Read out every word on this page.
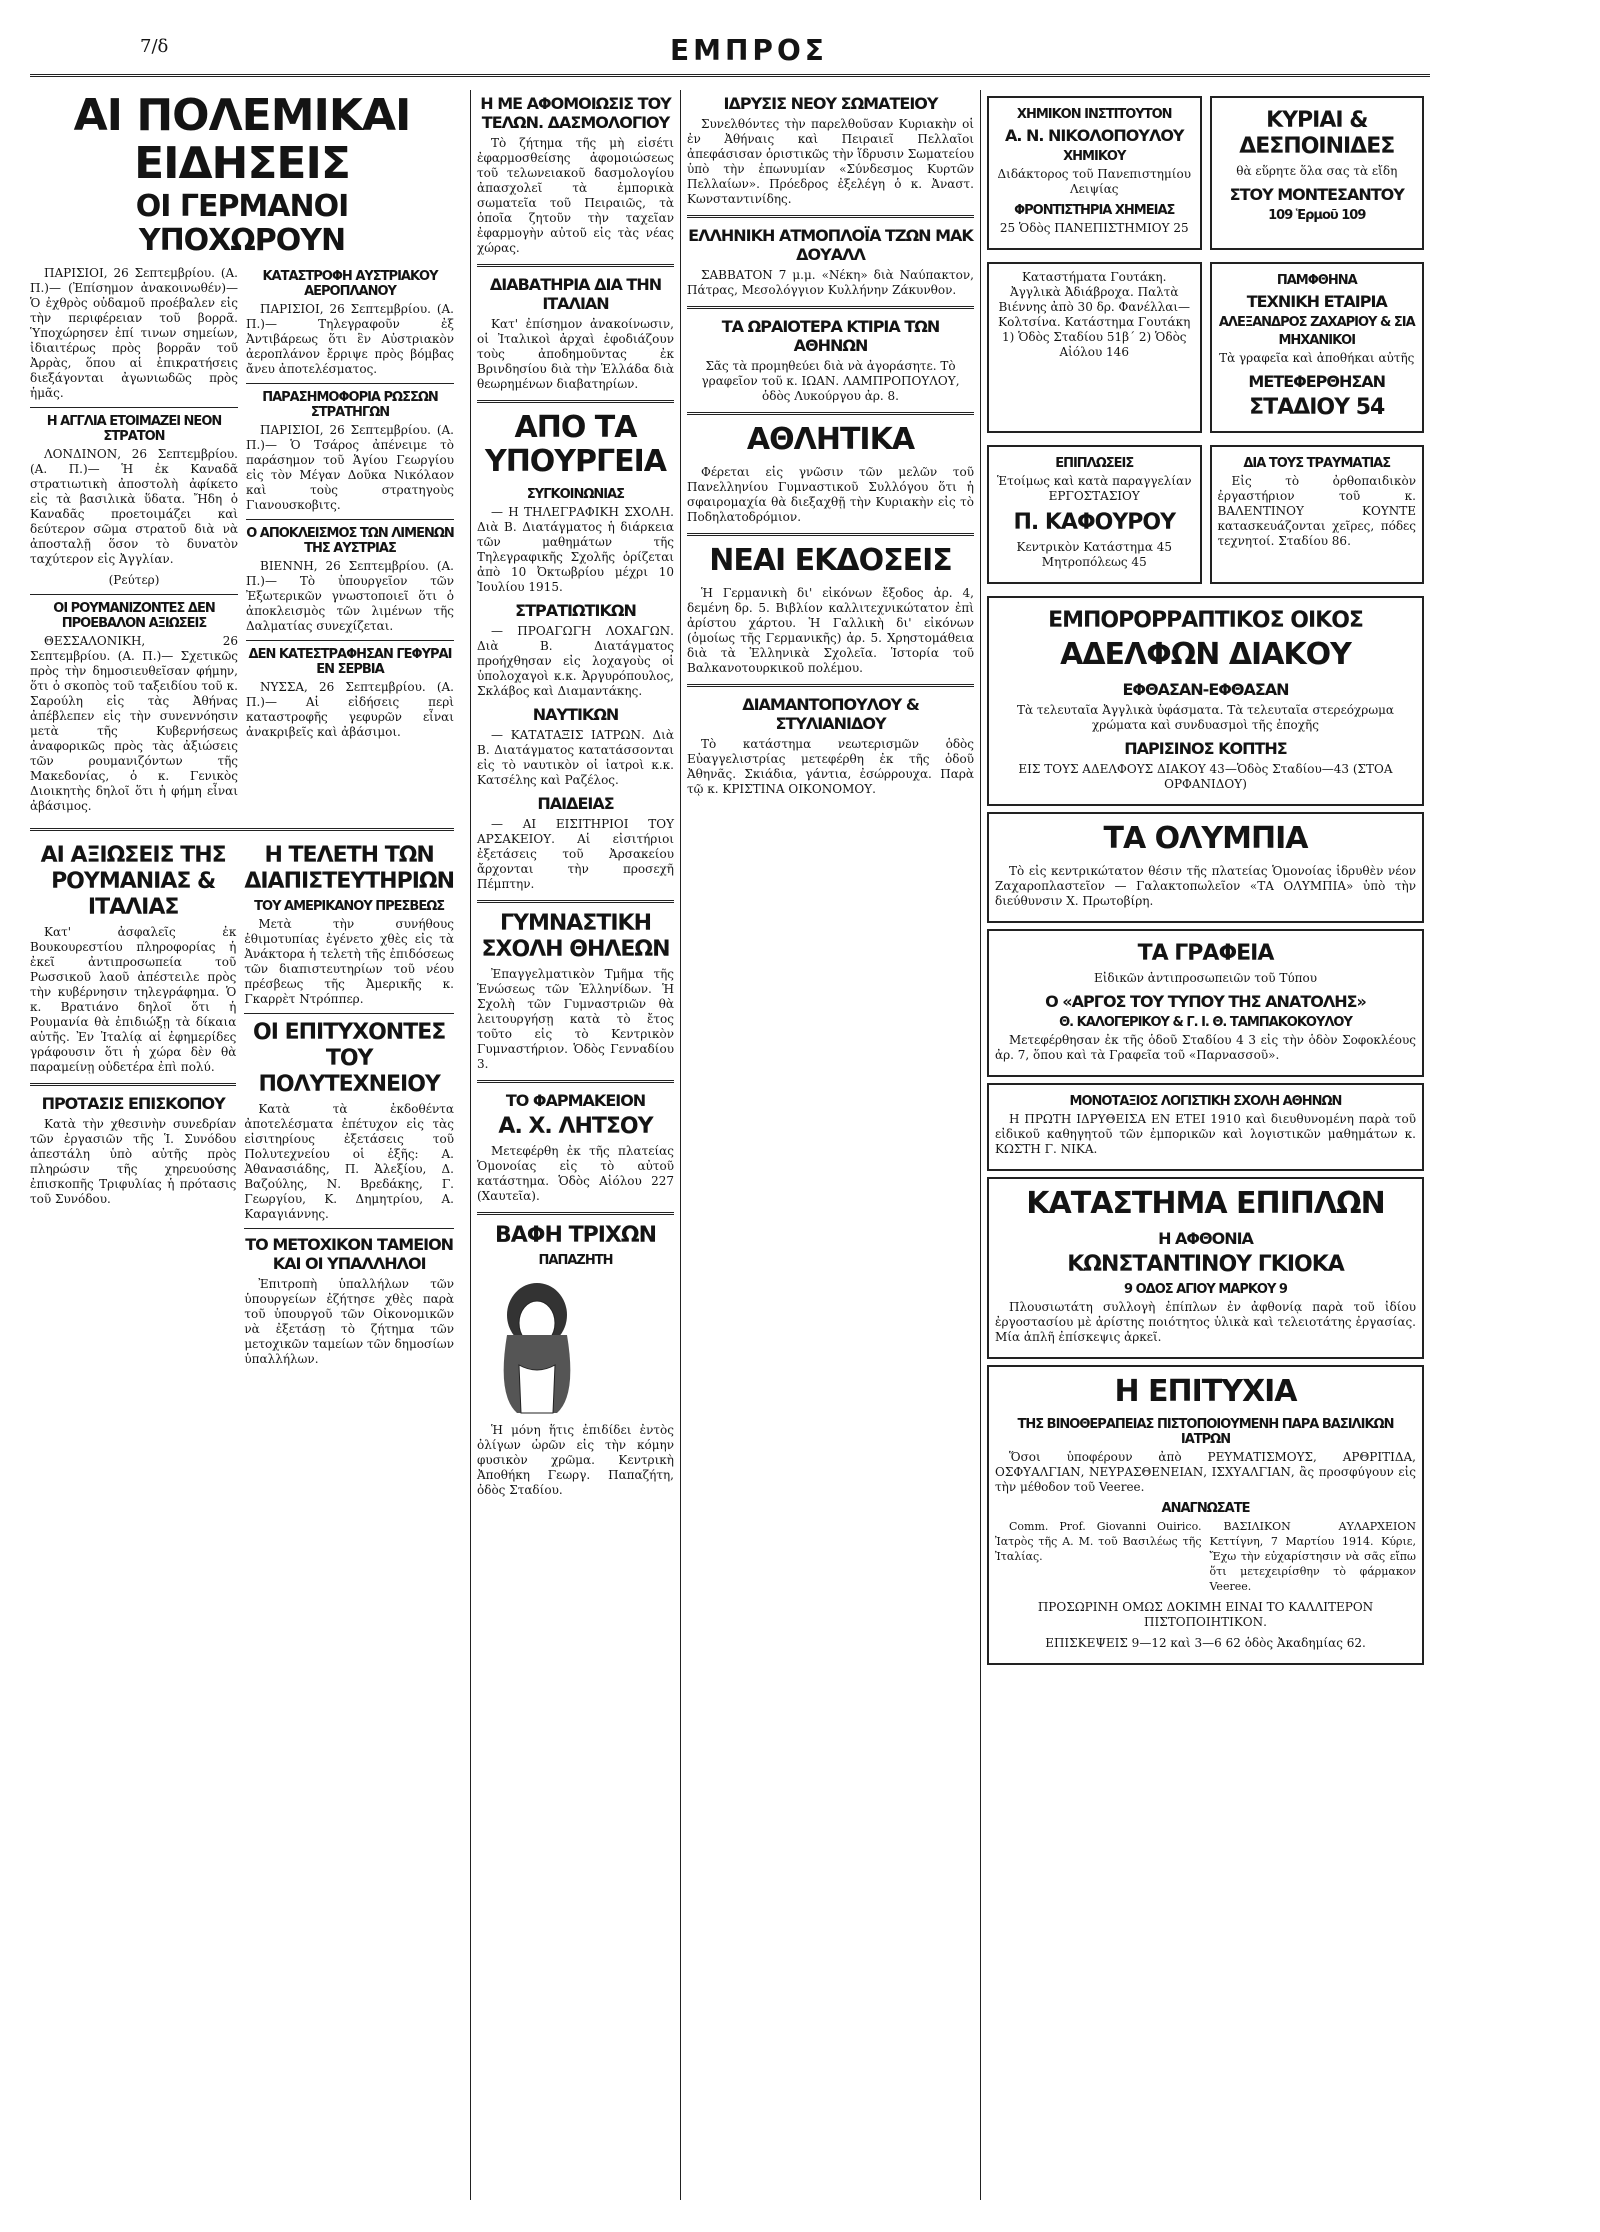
7/δ	ΕΜΠΡΟΣ
ΑΙ ΠΟΛΕΜΙΚΑΙ ΕΙΔΗΣΕΙΣ
ΟΙ ΓΕΡΜΑΝΟΙ ΥΠΟΧΩΡΟΥΝ

ΠΑΡΙΣΙΟΙ, 26 Σεπτεμβρίου. (Α. Π.)— (Ἐπίσημον ἀνακοινωθέν)— Ὁ ἐχθρὸς οὐδαμοῦ προέβαλεν εἰς τὴν περιφέρειαν τοῦ βορρᾶ. Ὑποχώρησεν ἐπί τινων σημείων, ἰδιαιτέρως πρὸς βορρᾶν τοῦ Ἀρρὰς, ὅπου αἱ ἐπικρατήσεις διεξάγονται ἀγωνιωδῶς πρὸς ἡμᾶς.

Η ΑΓΓΛΙΑ ΕΤΟΙΜΑΖΕΙ ΝΕΟΝ ΣΤΡΑΤΟΝ

ΛΟΝΔΙΝΟΝ, 26 Σεπτεμβρίου. (Α. Π.)— Ἡ ἐκ Καναδᾶ στρατιωτικὴ ἀποστολὴ ἀφίκετο εἰς τὰ βασιλικὰ ὕδατα. Ἤδη ὁ Καναδᾶς προετοιμάζει καὶ δεύτερον σῶμα στρατοῦ διὰ νὰ ἀποσταλῇ ὅσον τὸ δυνατὸν ταχύτερον εἰς Ἀγγλίαν.

(Ρεύτερ)

ΟΙ ΡΟΥΜΑΝΙΖΟΝΤΕΣ ΔΕΝ ΠΡΟΕΒΑΛΟΝ ΑΞΙΩΣΕΙΣ

ΘΕΣΣΑΛΟΝΙΚΗ, 26 Σεπτεμβρίου. (Α. Π.)— Σχετικῶς πρὸς τὴν δημοσιευθεῖσαν φήμην, ὅτι ὁ σκοπὸς τοῦ ταξειδίου τοῦ κ. Σαρούλη εἰς τὰς Ἀθήνας ἀπέβλεπεν εἰς τὴν συνεννόησιν μετὰ τῆς Κυβερνήσεως ἀναφορικῶς πρὸς τὰς ἀξιώσεις τῶν ρουμανιζόντων τῆς Μακεδονίας, ὁ κ. Γενικὸς Διοικητὴς δηλοῖ ὅτι ἡ φήμη εἶναι ἀβάσιμος.

ΚΑΤΑΣΤΡΟΦΗ ΑΥΣΤΡΙΑΚΟΥ ΑΕΡΟΠΛΑΝΟΥ

ΠΑΡΙΣΙΟΙ, 26 Σεπτεμβρίου. (Α. Π.)— Τηλεγραφοῦν ἐξ Ἀντιβάρεως ὅτι ἓν Αὐστριακὸν ἀεροπλάνον ἔρριψε πρὸς βόμβας ἄνευ ἀποτελέσματος.

ΠΑΡΑΣΗΜΟΦΟΡΙΑ ΡΩΣΣΩΝ ΣΤΡΑΤΗΓΩΝ

ΠΑΡΙΣΙΟΙ, 26 Σεπτεμβρίου. (Α. Π.)— Ὁ Τσάρος ἀπένειμε τὸ παράσημον τοῦ Ἁγίου Γεωργίου εἰς τὸν Μέγαν Δοῦκα Νικόλαον καὶ τοὺς στρατηγοὺς Γιανουσκοβιτς.

Ο ΑΠΟΚΛΕΙΣΜΟΣ ΤΩΝ ΛΙΜΕΝΩΝ ΤΗΣ ΑΥΣΤΡΙΑΣ

ΒΙΕΝΝΗ, 26 Σεπτεμβρίου. (Α. Π.)— Τὸ ὑπουργεῖον τῶν Ἐξωτερικῶν γνωστοποιεῖ ὅτι ὁ ἀποκλεισμὸς τῶν λιμένων τῆς Δαλματίας συνεχίζεται.

ΔΕΝ ΚΑΤΕΣΤΡΑΦΗΣΑΝ ΓΕΦΥΡΑΙ ΕΝ ΣΕΡΒΙΑ

ΝΥΣΣΑ, 26 Σεπτεμβρίου. (Α. Π.)— Αἱ εἰδήσεις περὶ καταστροφῆς γεφυρῶν εἶναι ἀνακριβεῖς καὶ ἀβάσιμοι.

ΑΙ ΑΞΙΩΣΕΙΣ ΤΗΣ ΡΟΥΜΑΝΙΑΣ & ΙΤΑΛΙΑΣ

Κατ' ἀσφαλεῖς ἐκ Βουκουρεστίου πληροφορίας ἡ ἐκεῖ ἀντιπροσωπεία τοῦ Ρωσσικοῦ λαοῦ ἀπέστειλε πρὸς τὴν κυβέρνησιν τηλεγράφημα. Ὁ κ. Βρατιάνο δηλοῖ ὅτι ἡ Ρουμανία θὰ ἐπιδιώξῃ τὰ δίκαια αὐτῆς. Ἐν Ἰταλίᾳ αἱ ἐφημερίδες γράφουσιν ὅτι ἡ χώρα δὲν θὰ παραμείνῃ οὐδετέρα ἐπὶ πολύ.

ΠΡΟΤΑΣΙΣ ΕΠΙΣΚΟΠΟΥ

Κατὰ τὴν χθεσινὴν συνεδρίαν τῶν ἐργασιῶν τῆς Ἱ. Συνόδου ἀπεστάλη ὑπὸ αὐτῆς πρὸς πληρώσιν τῆς χηρευούσης ἐπισκοπῆς Τριφυλίας ἡ πρότασις τοῦ Συνόδου.

Η ΤΕΛΕΤΗ ΤΩΝ ΔΙΑΠΙΣΤΕΥΤΗΡΙΩΝ
ΤΟΥ ΑΜΕΡΙΚΑΝΟΥ ΠΡΕΣΒΕΩΣ

Μετὰ τὴν συνήθους ἐθιμοτυπίας ἐγένετο χθὲς εἰς τὰ Ἀνάκτορα ἡ τελετὴ τῆς ἐπιδόσεως τῶν διαπιστευτηρίων τοῦ νέου πρέσβεως τῆς Ἀμερικῆς κ. Γκαρρὲτ Ντρόππερ.

ΟΙ ΕΠΙΤΥΧΟΝΤΕΣ ΤΟΥ ΠΟΛΥΤΕΧΝΕΙΟΥ

Κατὰ τὰ ἐκδοθέντα ἀποτελέσματα ἐπέτυχον εἰς τὰς εἰσιτηρίους ἐξετάσεις τοῦ Πολυτεχνείου οἱ ἑξῆς: Α. Ἀθανασιάδης, Π. Ἀλεξίου, Δ. Βαζούλης, Ν. Βρεδάκης, Γ. Γεωργίου, Κ. Δημητρίου, Α. Καραγιάννης.

ΤΟ ΜΕΤΟΧΙΚΟΝ ΤΑΜΕΙΟΝ ΚΑΙ ΟΙ ΥΠΑΛΛΗΛΟΙ

Ἐπιτροπὴ ὑπαλλήλων τῶν ὑπουργείων ἐζήτησε χθὲς παρὰ τοῦ ὑπουργοῦ τῶν Οἰκονομικῶν νὰ ἐξετάσῃ τὸ ζήτημα τῶν μετοχικῶν ταμείων τῶν δημοσίων ὑπαλλήλων.

Η ΜΕ ΑΦΟΜΟΙΩΣΙΣ ΤΟΥ ΤΕΛΩΝ. ΔΑΣΜΟΛΟΓΙΟΥ

Τὸ ζήτημα τῆς μὴ εἰσέτι ἐφαρμοσθείσης ἀφομοιώσεως τοῦ τελωνειακοῦ δασμολογίου ἀπασχολεῖ τὰ ἐμπορικὰ σωματεῖα τοῦ Πειραιῶς, τὰ ὁποῖα ζητοῦν τὴν ταχεῖαν ἐφαρμογὴν αὐτοῦ εἰς τὰς νέας χώρας.

ΔΙΑΒΑΤΗΡΙΑ ΔΙΑ ΤΗΝ ΙΤΑΛΙΑΝ

Κατ' ἐπίσημον ἀνακοίνωσιν, οἱ Ἰταλικοὶ ἀρχαὶ ἐφοδιάζουν τοὺς ἀποδημοῦντας ἐκ Βρινδησίου διὰ τὴν Ἑλλάδα διὰ θεωρημένων διαβατηρίων.

ΑΠΟ ΤΑ ΥΠΟΥΡΓΕΙΑ
ΣΥΓΚΟΙΝΩΝΙΑΣ

— Η ΤΗΛΕΓΡΑΦΙΚΗ ΣΧΟΛΗ. Διὰ Β. Διατάγματος ἡ διάρκεια τῶν μαθημάτων τῆς Τηλεγραφικῆς Σχολῆς ὁρίζεται ἀπὸ 10 Ὀκτωβρίου μέχρι 10 Ἰουλίου 1915.

ΣΤΡΑΤΙΩΤΙΚΩΝ

— ΠΡΟΑΓΩΓΗ ΛΟΧΑΓΩΝ. Διὰ Β. Διατάγματος προήχθησαν εἰς λοχαγοὺς οἱ ὑπολοχαγοὶ κ.κ. Ἀργυρόπουλος, Σκλάβος καὶ Διαμαντάκης.

ΝΑΥΤΙΚΩΝ

— ΚΑΤΑΤΑΞΙΣ ΙΑΤΡΩΝ. Διὰ Β. Διατάγματος κατατάσσονται εἰς τὸ ναυτικὸν οἱ ἰατροὶ κ.κ. Κατσέλης καὶ Ραζέλος.

ΠΑΙΔΕΙΑΣ

— ΑΙ ΕΙΣΙΤΗΡΙΟΙ ΤΟΥ ΑΡΣΑΚΕΙΟΥ. Αἱ εἰσιτήριοι ἐξετάσεις τοῦ Ἀρσακείου ἄρχονται τὴν προσεχῆ Πέμπτην.

ΓΥΜΝΑΣΤΙΚΗ ΣΧΟΛΗ ΘΗΛΕΩΝ

Ἐπαγγελματικὸν Τμῆμα τῆς Ἑνώσεως τῶν Ἑλληνίδων. Ἡ Σχολὴ τῶν Γυμναστριῶν θὰ λειτουργήσῃ κατὰ τὸ ἔτος τοῦτο εἰς τὸ Κεντρικὸν Γυμναστήριον. Ὁδὸς Γενναδίου 3.

ΤΟ ΦΑΡΜΑΚΕΙΟΝ
Α. Χ. ΛΗΤΣΟΥ

Μετεφέρθη ἐκ τῆς πλατείας Ὁμονοίας εἰς τὸ αὐτοῦ κατάστημα. Ὁδὸς Αἰόλου 227 (Χαυτεῖα).

ΒΑΦΗ ΤΡΙΧΩΝ
ΠΑΠΑΖΗΤΗ

Ἡ μόνη ἥτις ἐπιδίδει ἐντὸς ὀλίγων ὡρῶν εἰς τὴν κόμην φυσικὸν χρῶμα. Κεντρικὴ Ἀποθήκη Γεωργ. Παπαζήτη, ὁδὸς Σταδίου.

ΙΔΡΥΣΙΣ ΝΕΟΥ ΣΩΜΑΤΕΙΟΥ

Συνελθόντες τὴν παρελθοῦσαν Κυριακὴν οἱ ἐν Ἀθήναις καὶ Πειραιεῖ Πελλαῖοι ἀπεφάσισαν ὁριστικῶς τὴν ἵδρυσιν Σωματείου ὑπὸ τὴν ἐπωνυμίαν «Σύνδεσμος Κυρτῶν Πελλαίων». Πρόεδρος ἐξελέγη ὁ κ. Ἀναστ. Κωνσταντινίδης.

ΕΛΛΗΝΙΚΗ ΑΤΜΟΠΛΟΪΑ ΤΖΩΝ ΜΑΚ ΔΟΥΑΛΛ

ΣΑΒΒΑΤΟΝ 7 μ.μ. «Νέκη» διὰ Ναύπακτον, Πάτρας, Μεσολόγγιον Κυλλήνην Ζάκυνθον.

ΤΑ ΩΡΑΙΟΤΕΡΑ ΚΤΙΡΙΑ ΤΩΝ ΑΘΗΝΩΝ

Σᾶς τὰ προμηθεύει διὰ νὰ ἀγοράσητε. Τὸ γραφεῖον τοῦ κ. ΙΩΑΝ. ΛΑΜΠΡΟΠΟΥΛΟΥ, ὁδὸς Λυκούργου ἀρ. 8.

ΑΘΛΗΤΙΚΑ

Φέρεται εἰς γνῶσιν τῶν μελῶν τοῦ Πανελληνίου Γυμναστικοῦ Συλλόγου ὅτι ἡ σφαιρομαχία θὰ διεξαχθῇ τὴν Κυριακὴν εἰς τὸ Ποδηλατοδρόμιον.

ΝΕΑΙ ΕΚΔΟΣΕΙΣ

Ἡ Γερμανικὴ δι' εἰκόνων ἔξοδος ἀρ. 4, δεμένη δρ. 5. Βιβλίον καλλιτεχνικώτατον ἐπὶ ἀρίστου χάρτου. Ἡ Γαλλικὴ δι' εἰκόνων (ὁμοίως τῆς Γερμανικῆς) ἀρ. 5. Χρηστομάθεια διὰ τὰ Ἑλληνικὰ Σχολεῖα. Ἱστορία τοῦ Βαλκανοτουρκικοῦ πολέμου.

ΔΙΑΜΑΝΤΟΠΟΥΛΟΥ & ΣΤΥΛΙΑΝΙΔΟΥ

Τὸ κατάστημα νεωτερισμῶν ὁδὸς Εὐαγγελιστρίας μετεφέρθη ἐκ τῆς ὁδοῦ Ἀθηνᾶς. Σκιάδια, γάντια, ἐσώρρουχα. Παρὰ τῷ κ. ΚΡΙΣΤΙΝΑ ΟΙΚΟΝΟΜΟΥ.

ΧΗΜΙΚΟΝ ΙΝΣΤΙΤΟΥΤΟΝ
Α. Ν. ΝΙΚΟΛΟΠΟΥΛΟΥ
ΧΗΜΙΚΟΥ

Διδάκτορος τοῦ Πανεπιστημίου Λειψίας

ΦΡΟΝΤΙΣΤΗΡΙΑ ΧΗΜΕΙΑΣ

25 Ὁδὸς ΠΑΝΕΠΙΣΤΗΜΙΟΥ 25

ΚΥΡΙΑΙ & ΔΕΣΠΟΙΝΙΔΕΣ

θὰ εὕρητε ὅλα σας τὰ εἴδη

ΣΤΟΥ ΜΟΝΤΕΣΑΝΤΟΥ
109 Ἑρμοῦ 109

Καταστήματα Γουτάκη. Ἀγγλικὰ Ἀδιάβροχα. Παλτὰ Βιέννης ἀπὸ 30 δρ. Φανέλλαι—Κολτσίνα. Κατάστημα Γουτάκη 1) Ὁδὸς Σταδίου 51β΄ 2) Ὁδὸς Αἰόλου 146

ΠΑΜΦΘΗΝΑ
ΤΕΧΝΙΚΗ ΕΤΑΙΡΙΑ
ΑΛΕΞΑΝΔΡΟΣ ΖΑΧΑΡΙΟΥ & ΣΙΑ
ΜΗΧΑΝΙΚΟΙ

Τὰ γραφεῖα καὶ ἀποθήκαι αὐτῆς

ΜΕΤΕΦΕΡΘΗΣΑΝ
ΣΤΑΔΙΟΥ 54
ΕΠΙΠΛΩΣΕΙΣ

Ἑτοίμως καὶ κατὰ παραγγελίαν ΕΡΓΟΣΤΑΣΙΟΥ

Π. ΚΑΦΟΥΡΟΥ

Κεντρικὸν Κατάστημα 45 Μητροπόλεως 45

ΔΙΑ ΤΟΥΣ ΤΡΑΥΜΑΤΙΑΣ

Εἰς τὸ ὀρθοπαιδικὸν ἐργαστήριον τοῦ κ. ΒΑΛΕΝΤΙΝΟΥ ΚΟΥΝΤΕ κατασκευάζονται χεῖρες, πόδες τεχνητοί. Σταδίου 86.

ΕΜΠΟΡΟΡΡΑΠΤΙΚΟΣ ΟΙΚΟΣ
ΑΔΕΛΦΩΝ ΔΙΑΚΟΥ
ΕΦΘΑΣΑΝ-ΕΦΘΑΣΑΝ

Τὰ τελευταῖα Ἀγγλικὰ ὑφάσματα. Τὰ τελευταῖα στερεόχρωμα χρώματα καὶ συνδυασμοὶ τῆς ἐποχῆς

ΠΑΡΙΣΙΝΟΣ ΚΟΠΤΗΣ

ΕΙΣ ΤΟΥΣ ΑΔΕΛΦΟΥΣ ΔΙΑΚΟΥ 43—Ὁδὸς Σταδίου—43 (ΣΤΟΑ ΟΡΦΑΝΙΔΟΥ)

ΤΑ ΟΛΥΜΠΙΑ

Τὸ εἰς κεντρικώτατον θέσιν τῆς πλατείας Ὁμονοίας ἱδρυθὲν νέον Ζαχαροπλαστεῖον — Γαλακτοπωλεῖον «ΤΑ ΟΛΥΜΠΙΑ» ὑπὸ τὴν διεύθυνσιν Χ. Πρωτοβίρη.

ΤΑ ΓΡΑΦΕΙΑ

Εἰδικῶν ἀντιπροσωπειῶν τοῦ Τύπου

Ο «ΑΡΓΟΣ ΤΟΥ ΤΥΠΟΥ ΤΗΣ ΑΝΑΤΟΛΗΣ»
Θ. ΚΑΛΟΓΕΡΙΚΟΥ & Γ. Ι. Θ. ΤΑΜΠΑΚΟΚΟΥΛΟΥ

Μετεφέρθησαν ἐκ τῆς ὁδοῦ Σταδίου 4 3 εἰς τὴν ὁδὸν Σοφοκλέους ἀρ. 7, ὅπου καὶ τὰ Γραφεῖα τοῦ «Παρνασσοῦ».

ΜΟΝΟΤΑΞΙΟΣ ΛΟΓΙΣΤΙΚΗ ΣΧΟΛΗ ΑΘΗΝΩΝ

Η ΠΡΩΤΗ ΙΔΡΥΘΕΙΣΑ ΕΝ ΕΤΕΙ 1910 καὶ διευθυνομένη παρὰ τοῦ εἰδικοῦ καθηγητοῦ τῶν ἐμπορικῶν καὶ λογιστικῶν μαθημάτων κ. ΚΩΣΤΗ Γ. ΝΙΚΑ.

ΚΑΤΑΣΤΗΜΑ ΕΠΙΠΛΩΝ
Η ΑΦΘΟΝΙΑ
ΚΩΝΣΤΑΝΤΙΝΟΥ ΓΚΙΟΚΑ
9 ΟΔΟΣ ΑΓΙΟΥ ΜΑΡΚΟΥ 9

Πλουσιωτάτη συλλογὴ ἐπίπλων ἐν ἀφθονίᾳ παρὰ τοῦ ἰδίου ἐργοστασίου μὲ ἀρίστης ποιότητος ὑλικὰ καὶ τελειοτάτης ἐργασίας. Μία ἁπλῆ ἐπίσκεψις ἀρκεῖ.

Η ΕΠΙΤΥΧΙΑ
ΤΗΣ ΒΙΝΟΘΕΡΑΠΕΙΑΣ ΠΙΣΤΟΠΟΙΟΥΜΕΝΗ ΠΑΡΑ ΒΑΣΙΛΙΚΩΝ ΙΑΤΡΩΝ

Ὅσοι ὑποφέρουν ἀπὸ ΡΕΥΜΑΤΙΣΜΟΥΣ, ΑΡΘΡΙΤΙΔΑ, ΟΣΦΥΑΛΓΙΑΝ, ΝΕΥΡΑΣΘΕΝΕΙΑΝ, ΙΣΧΥΑΛΓΙΑΝ, ἂς προσφύγουν εἰς τὴν μέθοδον τοῦ Veeree.

ΑΝΑΓΝΩΣΑΤΕ

Comm. Prof. Giovanni Ouirico. Ἰατρὸς τῆς Α. Μ. τοῦ Βασιλέως τῆς Ἰταλίας.

ΒΑΣΙΛΙΚΟΝ ΑΥΛΑΡΧΕΙΟΝ Κεττίγνη, 7 Μαρτίου 1914. Κύριε, Ἔχω τὴν εὐχαρίστησιν νὰ σᾶς εἴπω ὅτι μετεχειρίσθην τὸ φάρμακον Veeree.

ΠΡΟΣΩΡΙΝΗ ΟΜΩΣ ΔΟΚΙΜΗ ΕΙΝΑΙ ΤΟ ΚΑΛΛΙΤΕΡΟΝ ΠΙΣΤΟΠΟΙΗΤΙΚΟΝ.

ΕΠΙΣΚΕΨΕΙΣ 9—12 καὶ 3—6 62 ὁδὸς Ἀκαδημίας 62.
